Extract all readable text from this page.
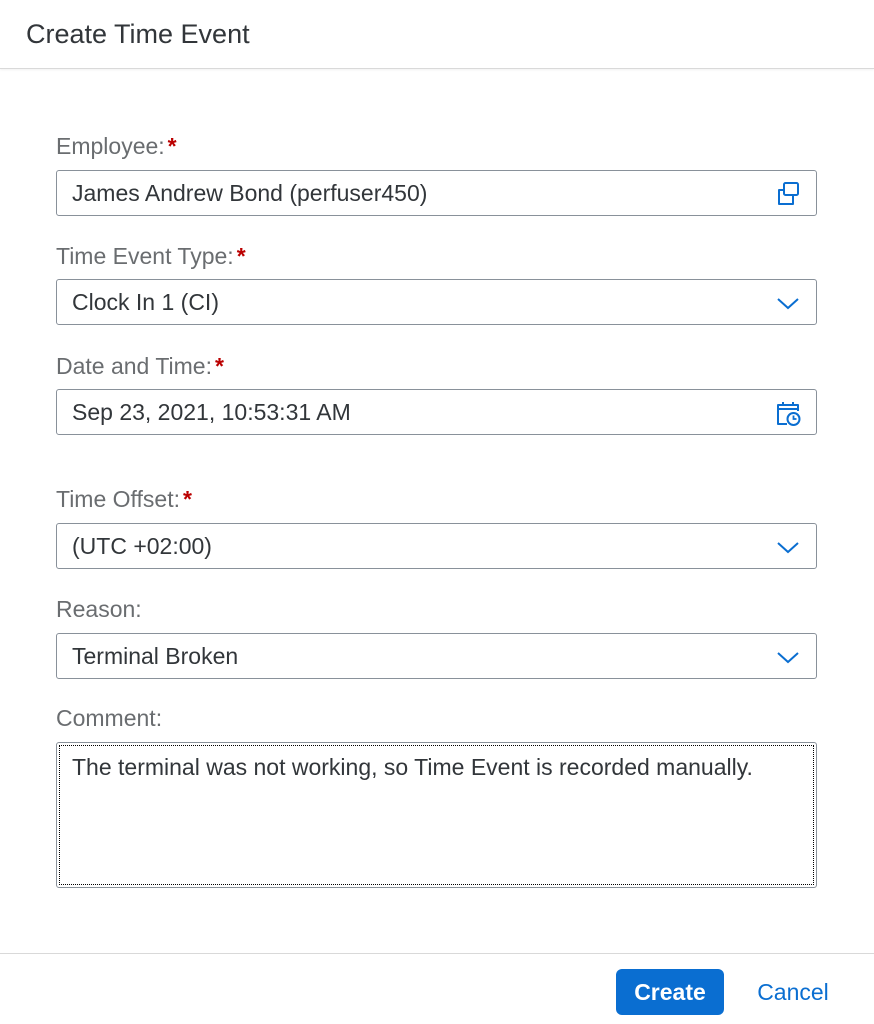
Create Time Event
Employee: *
James Andrew Bond (perfuser450)
Time Event Type: *
Clock In 1 (CI)
Date and Time: *
Sep 23, 2021, 10:53:31 AM
Time Offset: *
(UTC +02:00)
Reason:
Terminal Broken
Comment:
The terminal was not working, so Time Event is recorded manually.
Create	Cancel
